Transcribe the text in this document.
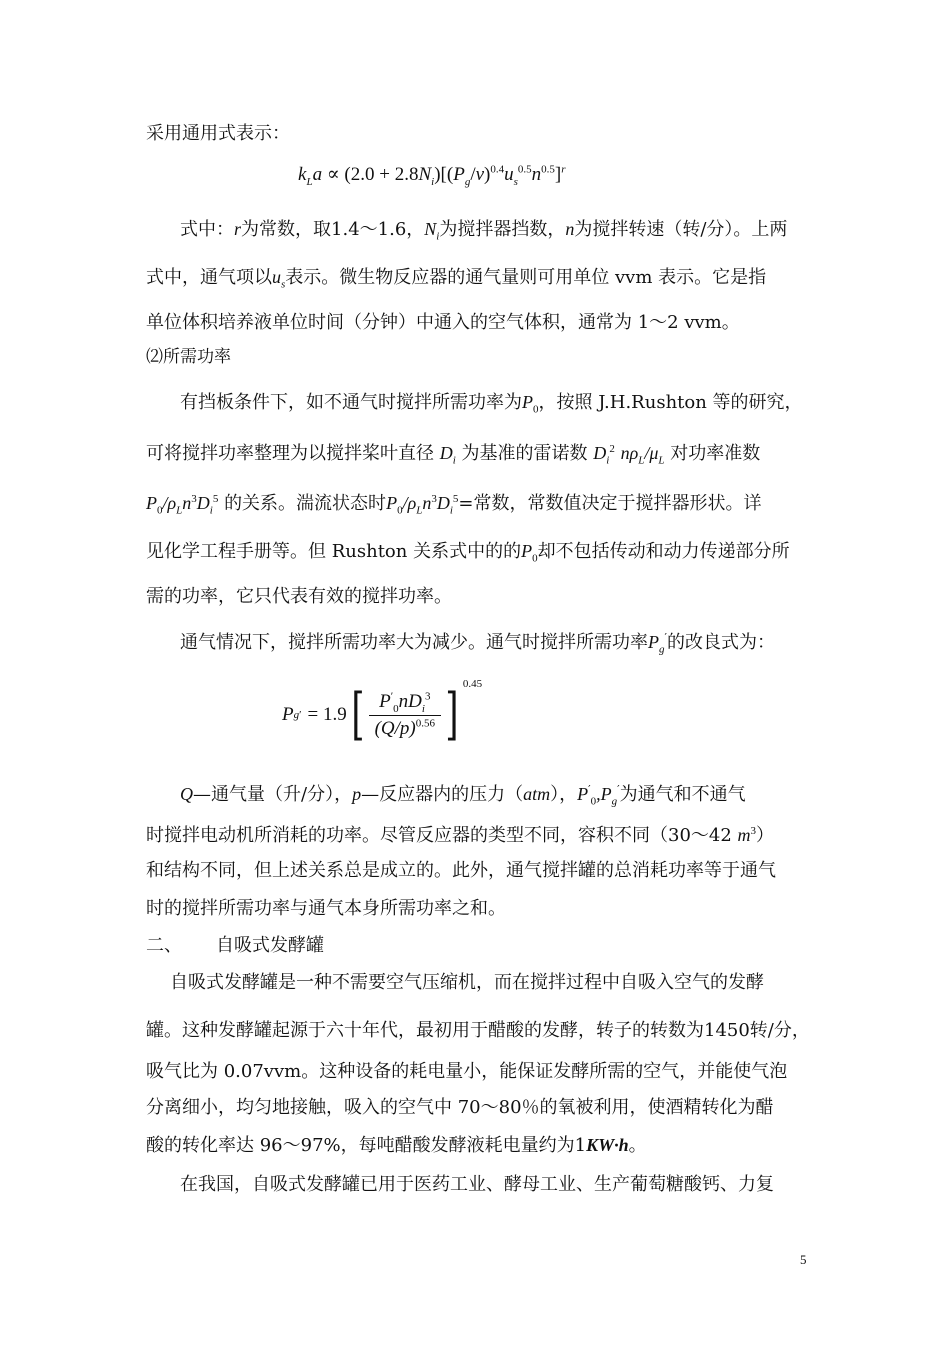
采用通用式表示：
$k_La \propto (2.0 + 2.8N_i)[(P_g/v)^{0.4}u_s^{0.5}n^{0.5}]^r$
式中：r为常数，取1.4～1.6，$N_i$为搅拌器挡数，n为搅拌转速（转/分）。上两
式中，通气项以$u_s$表示。微生物反应器的通气量则可用单位 vvm 表示。它是指
单位体积培养液单位时间（分钟）中通入的空气体积，通常为 1～2 vvm。
⑵所需功率
有挡板条件下，如不通气时搅拌所需功率为$P_0$，按照 J.H.Rushton 等的研究，
可将搅拌功率整理为以搅拌桨叶直径 $D_i$ 为基准的雷诺数 $D_i^2$ $n\rho_L/\mu_L$ 对功率准数
$P_0/\rho_Ln^3D_i^5$ 的关系。湍流状态时$P_0/\rho_Ln^3D_i^5=$常数，常数值决定于搅拌器形状。详
见化学工程手册等。但 Rushton 关系式中的的$P_0$却不包括传动和动力传递部分所
需的功率，它只代表有效的搅拌功率。
通气情况下，搅拌所需功率大为减少。通气时搅拌所需功率$P_g'$的改良式为：
P g ′ = 1.9 [ $\frac{P'_0nD_i^3}{(Q/p)^{0.56}}$ ] 0.45
Q—通气量（升/分），p—反应器内的压力（atm），$P'_0,P_g'$为通气和不通气
时搅拌电动机所消耗的功率。尽管反应器的类型不同，容积不同（30～42 $m^3$）
和结构不同，但上述关系总是成立的。此外，通气搅拌罐的总消耗功率等于通气
时的搅拌所需功率与通气本身所需功率之和。
二、 自吸式发酵罐
自吸式发酵罐是一种不需要空气压缩机，而在搅拌过程中自吸入空气的发酵
罐。这种发酵罐起源于六十年代，最初用于醋酸的发酵，转子的转数为1450转/分，
吸气比为 0.07vvm。这种设备的耗电量小，能保证发酵所需的空气，并能使气泡
分离细小，均匀地接触，吸入的空气中 70～80％的氧被利用，使酒精转化为醋
酸的转化率达 96～97%，每吨醋酸发酵液耗电量约为1KW·h。
在我国，自吸式发酵罐已用于医药工业、酵母工业、生产葡萄糖酸钙、力复
5
